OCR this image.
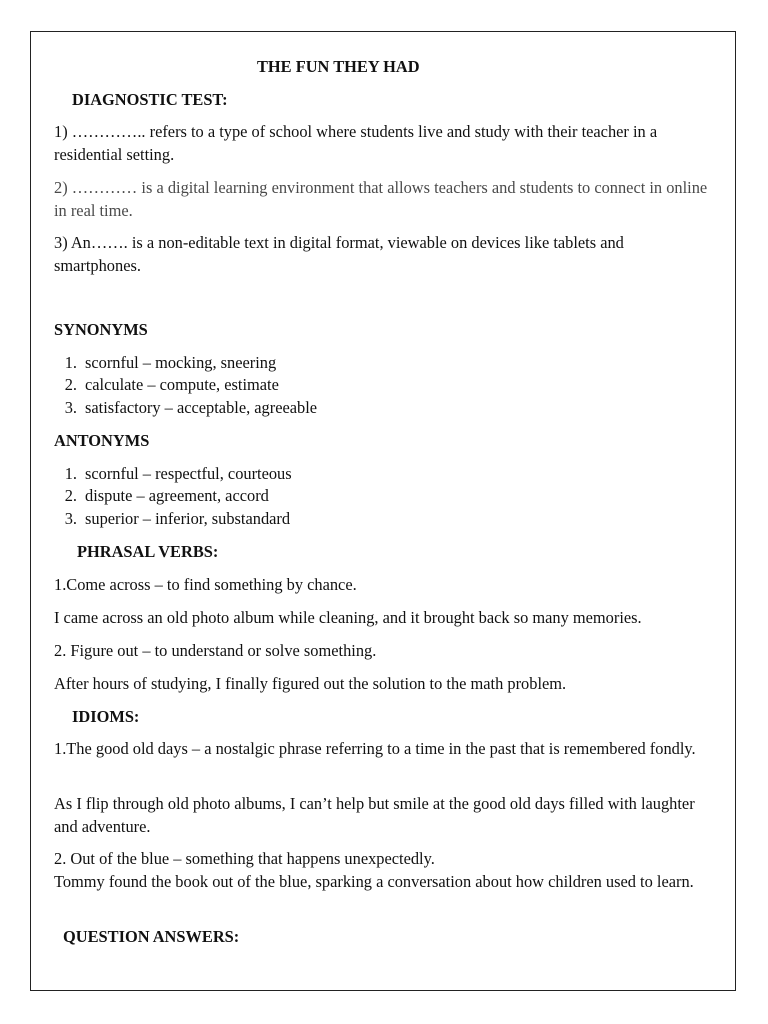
THE FUN THEY HAD

DIAGNOSTIC TEST:

1) ………….. refers to a type of school where students live and study with their teacher in a residential setting.

2) ………… is a digital learning environment that allows teachers and students to connect in online in real time.

3) An……. is a non-editable text in digital format, viewable on devices like tablets and smartphones.

SYNONYMS

1. scornful – mocking, sneering
2. calculate – compute, estimate
3. satisfactory – acceptable, agreeable

ANTONYMS

1. scornful – respectful, courteous
2. dispute – agreement, accord
3. superior – inferior, substandard

PHRASAL VERBS:

1.Come across – to find something by chance.

I came across an old photo album while cleaning, and it brought back so many memories.

2. Figure out – to understand or solve something.

After hours of studying, I finally figured out the solution to the math problem.

IDIOMS:

1.The good old days – a nostalgic phrase referring to a time in the past that is remembered fondly.

As I flip through old photo albums, I can’t help but smile at the good old days filled with laughter and adventure.

2. Out of the blue – something that happens unexpectedly.

Tommy found the book out of the blue, sparking a conversation about how children used to learn.

QUESTION ANSWERS:
